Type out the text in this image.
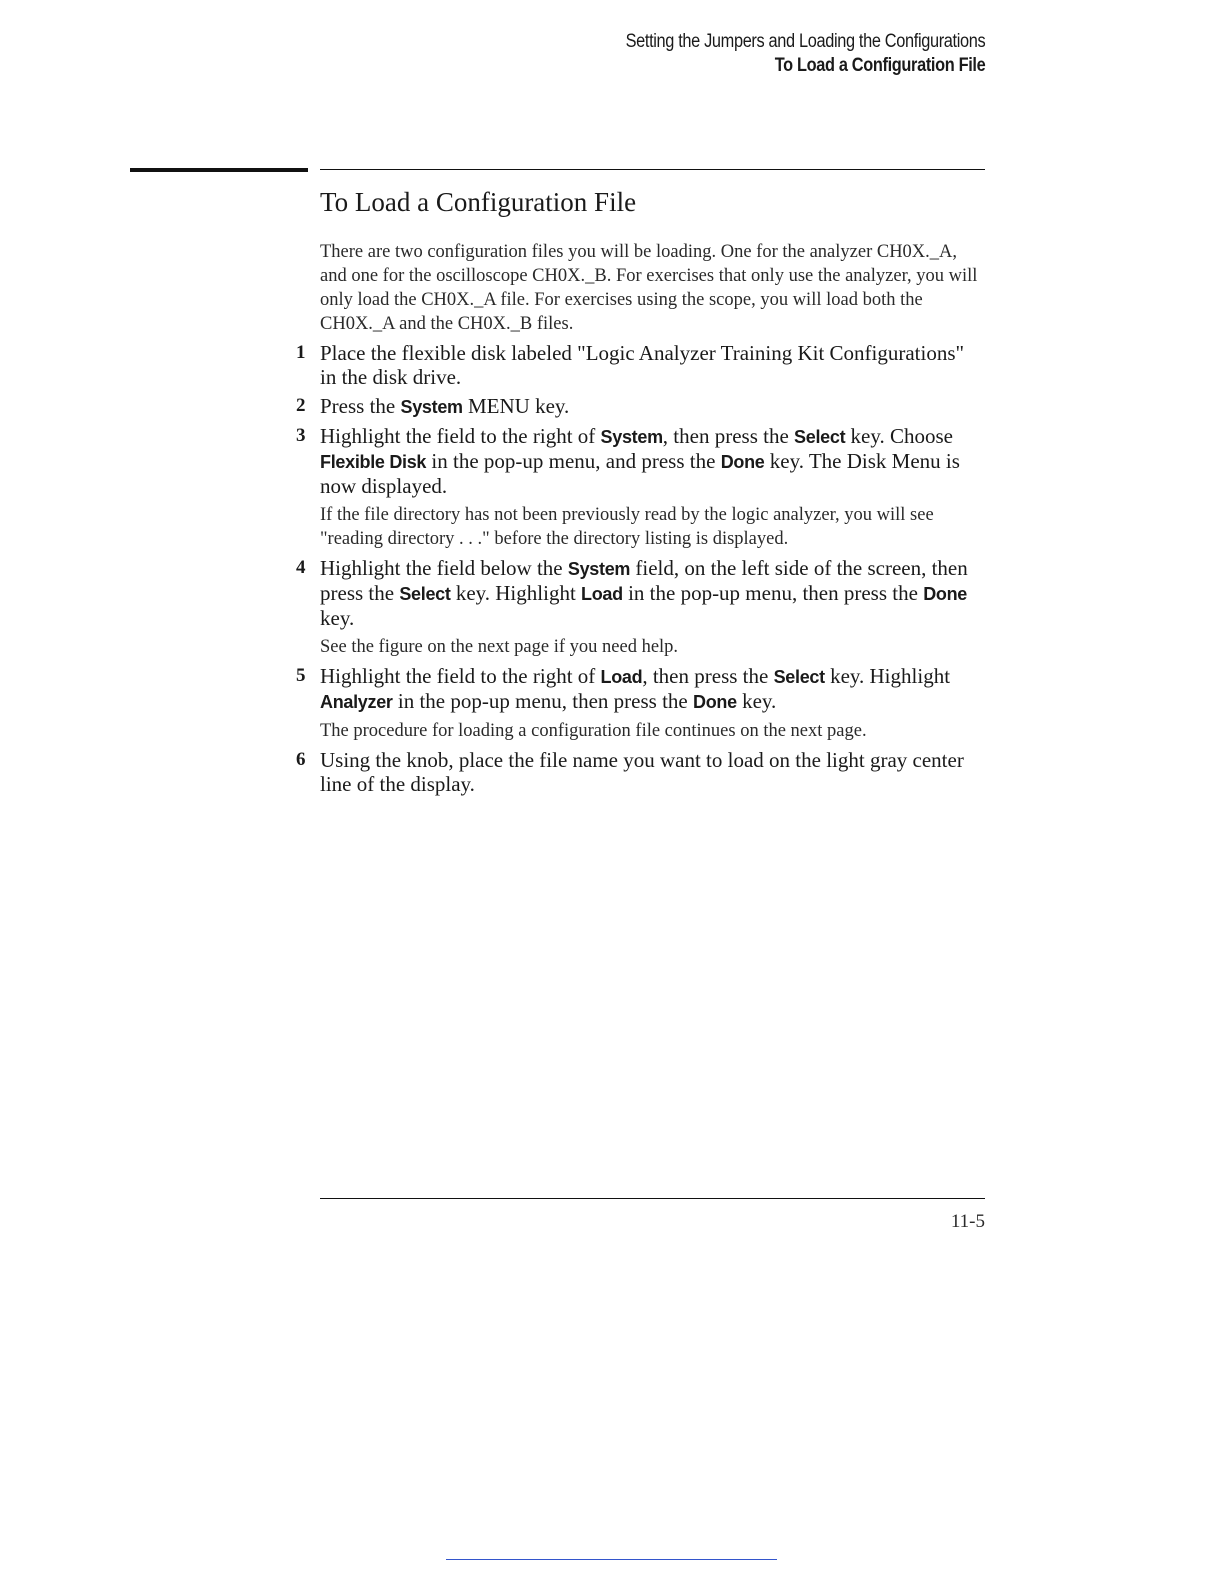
Setting the Jumpers and Loading the Configurations
To Load a Configuration File
To Load a Configuration File

There are two configuration files you will be loading. One for the analyzer CH0X._A, and one for the oscilloscope CH0X._B. For exercises that only use the analyzer, you will only load the CH0X._A file. For exercises using the scope, you will load both the CH0X._A and the CH0X._B files.

1 Place the flexible disk labeled "Logic Analyzer Training Kit Configurations" in the disk drive.
2 Press the System MENU key.
3 Highlight the field to the right of System, then press the Select key. Choose Flexible Disk in the pop-up menu, and press the Done key. The Disk Menu is now displayed.

If the file directory has not been previously read by the logic analyzer, you will see "reading directory . . ." before the directory listing is displayed.

4 Highlight the field below the System field, on the left side of the screen, then press the Select key. Highlight Load in the pop-up menu, then press the Done key.

See the figure on the next page if you need help.

5 Highlight the field to the right of Load, then press the Select key. Highlight Analyzer in the pop-up menu, then press the Done key.

The procedure for loading a configuration file continues on the next page.

6 Using the knob, place the file name you want to load on the light gray center line of the display.
11-5
